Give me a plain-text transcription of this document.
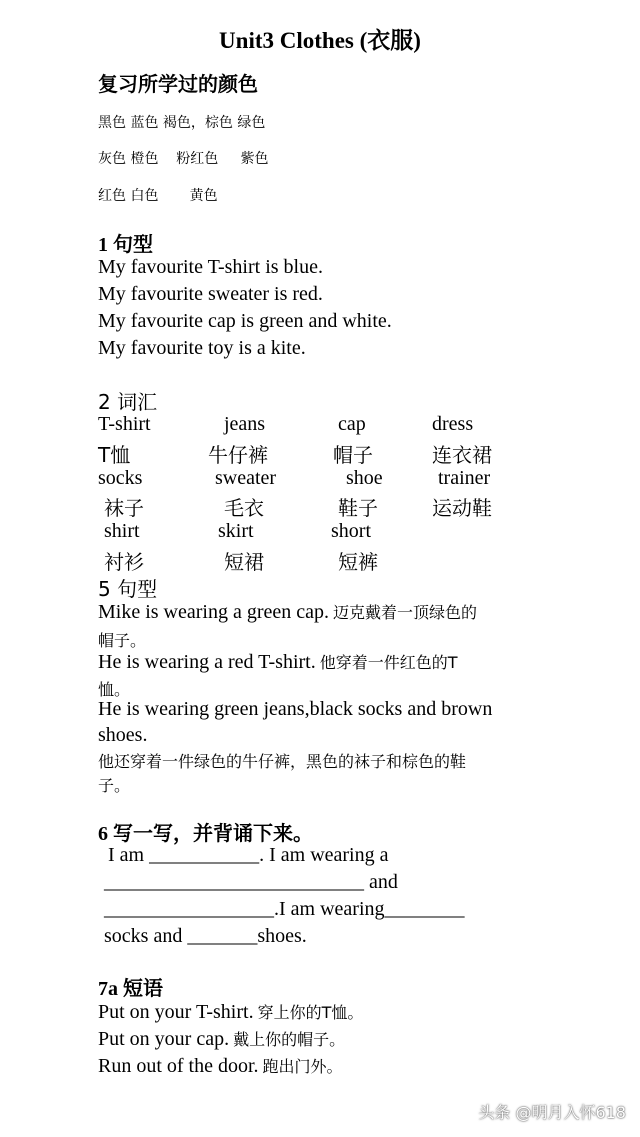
Unit3 Clothes (衣服)
复习所学过的颜色
黑色 蓝色 褐色，棕色 绿色
灰色 橙色    粉红色     紫色
红色 白色       黄色
1 句型
My favourite T-shirt is blue.
My favourite sweater is red.
My favourite cap is green and white.
My favourite toy is a kite.
2 词汇
T-shirt	jeans	cap	dress
T恤	牛仔裤	帽子	连衣裙
socks	sweater	shoe	trainer
袜子	毛衣	鞋子	运动鞋
shirt	skirt	short
衬衫	短裙	短裤
5 句型
Mike is wearing a green cap. 迈克戴着一顶绿色的
帽子。
He is wearing a red T-shirt. 他穿着一件红色的T
恤。
He is wearing green jeans,black socks and brown
shoes.
他还穿着一件绿色的牛仔裤，黑色的袜子和棕色的鞋
子。
6 写一写，并背诵下来。
I am ___________. I am wearing a
__________________________ and
_________________.I am wearing________
socks and _______shoes.
7a 短语
Put on your T-shirt. 穿上你的T恤。
Put on your cap. 戴上你的帽子。
Run out of the door. 跑出门外。
头条 @明月入怀618
